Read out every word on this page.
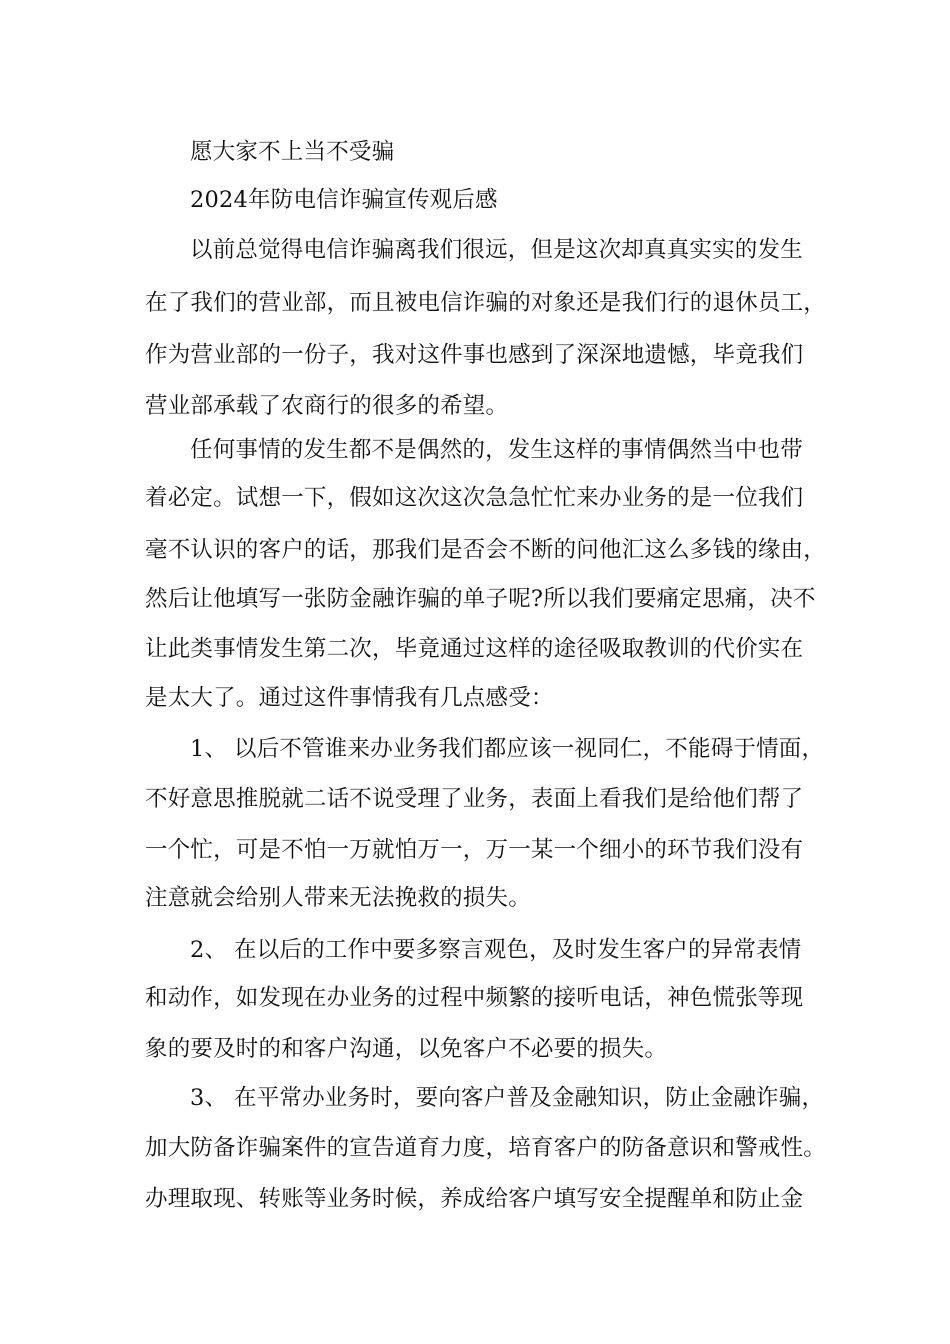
愿大家不上当不受骗
2024年防电信诈骗宣传观后感
以前总觉得电信诈骗离我们很远，但是这次却真真实实的发生
在了我们的营业部，而且被电信诈骗的对象还是我们行的退休员工，
作为营业部的一份子，我对这件事也感到了深深地遗憾，毕竟我们
营业部承载了农商行的很多的希望。
任何事情的发生都不是偶然的，发生这样的事情偶然当中也带
着必定。试想一下，假如这次这次急急忙忙来办业务的是一位我们
毫不认识的客户的话，那我们是否会不断的问他汇这么多钱的缘由，
然后让他填写一张防金融诈骗的单子呢?所以我们要痛定思痛，决不
让此类事情发生第二次，毕竟通过这样的途径吸取教训的代价实在
是太大了。通过这件事情我有几点感受：
1、 以后不管谁来办业务我们都应该一视同仁，不能碍于情面，
不好意思推脱就二话不说受理了业务，表面上看我们是给他们帮了
一个忙，可是不怕一万就怕万一，万一某一个细小的环节我们没有
注意就会给别人带来无法挽救的损失。
2、 在以后的工作中要多察言观色，及时发生客户的异常表情
和动作，如发现在办业务的过程中频繁的接听电话，神色慌张等现
象的要及时的和客户沟通，以免客户不必要的损失。
3、 在平常办业务时，要向客户普及金融知识，防止金融诈骗，
加大防备诈骗案件的宣告道育力度，培育客户的防备意识和警戒性。
办理取现、转账等业务时候，养成给客户填写安全提醒单和防止金
